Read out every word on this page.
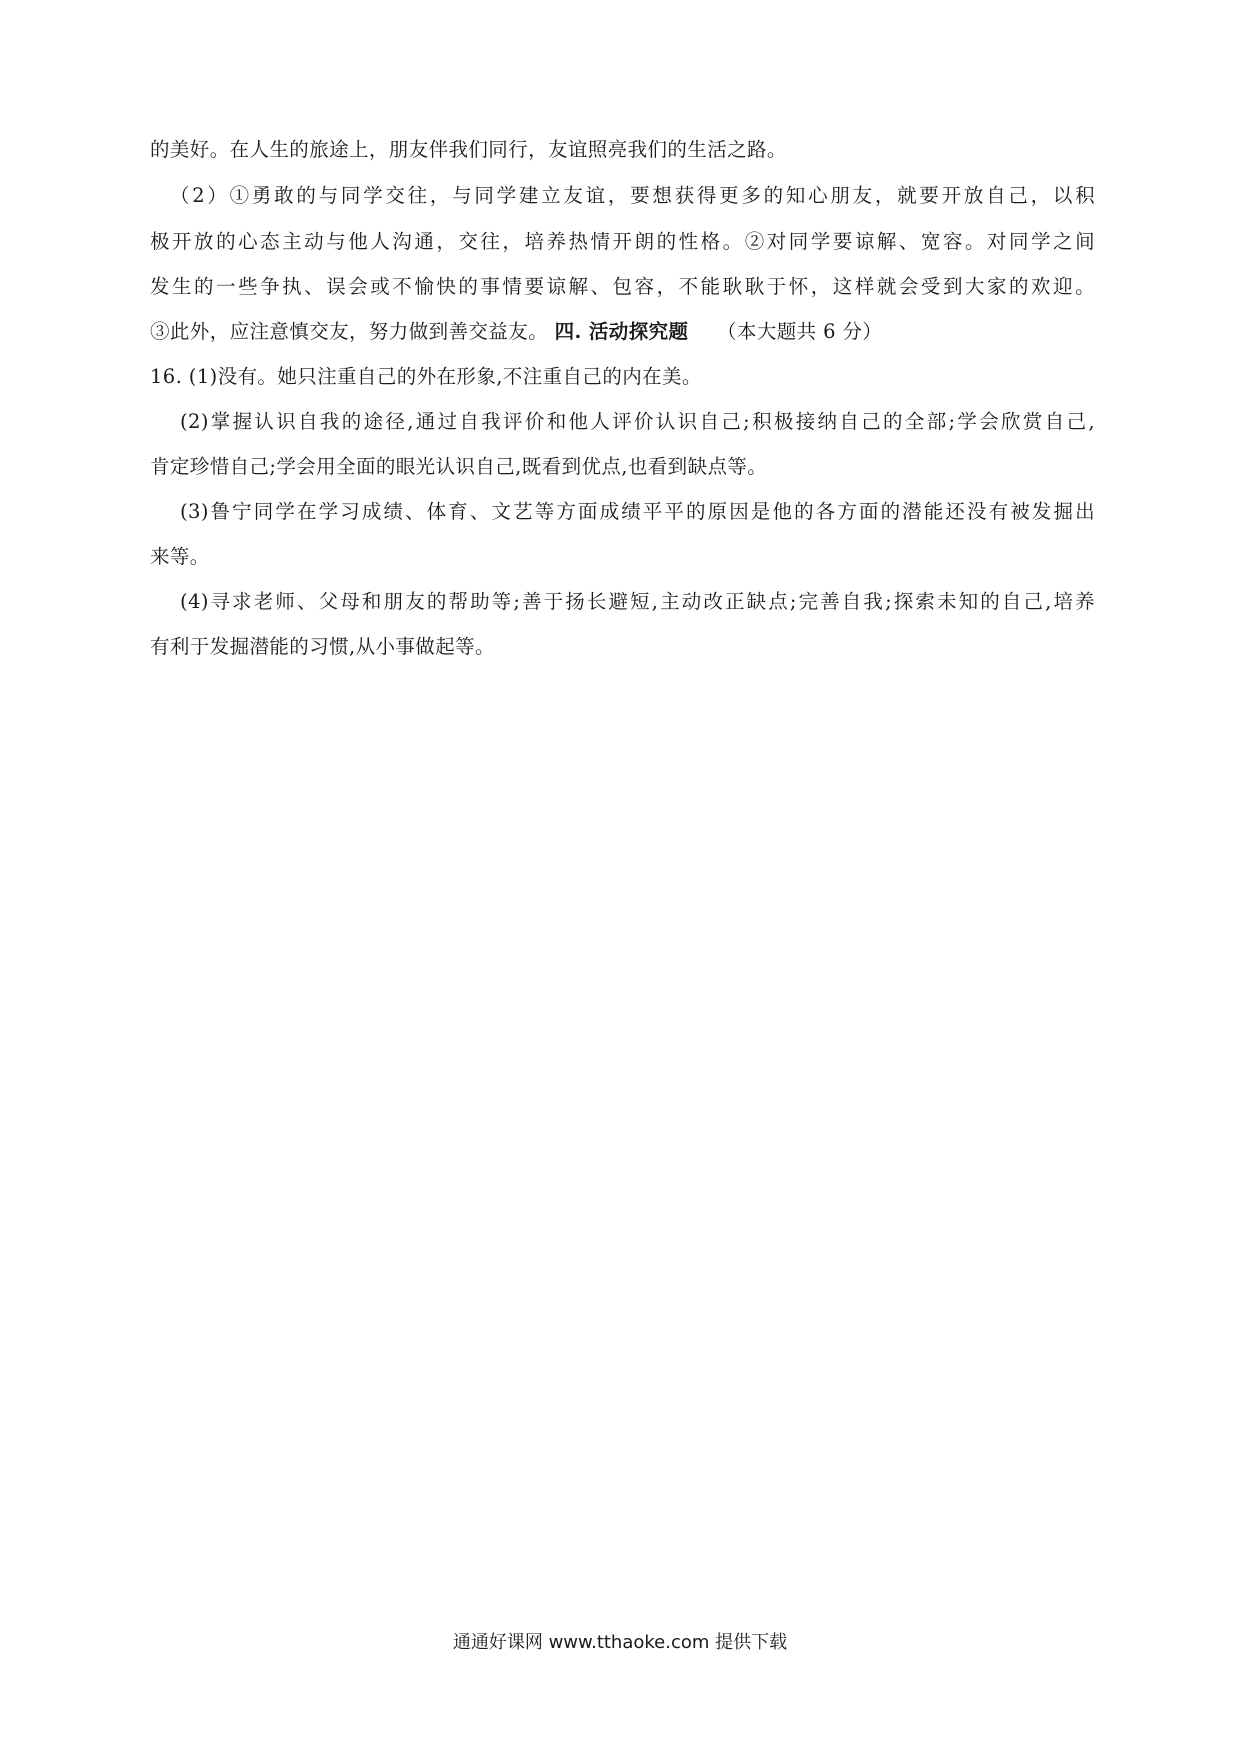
的美好。在人生的旅途上，朋友伴我们同行，友谊照亮我们的生活之路。
（2）①勇敢的与同学交往，与同学建立友谊，要想获得更多的知心朋友，就要开放自己，以积
极开放的心态主动与他人沟通，交往，培养热情开朗的性格。②对同学要谅解、宽容。对同学之间
发生的一些争执、误会或不愉快的事情要谅解、包容，不能耿耿于怀，这样就会受到大家的欢迎。
③此外，应注意慎交友，努力做到善交益友。 四. 活动探究题 （本大题共 6 分）
16. (1)没有。她只注重自己的外在形象,不注重自己的内在美。
(2)掌握认识自我的途径,通过自我评价和他人评价认识自己;积极接纳自己的全部;学会欣赏自己,
肯定珍惜自己;学会用全面的眼光认识自己,既看到优点,也看到缺点等。
(3)鲁宁同学在学习成绩、体育、文艺等方面成绩平平的原因是他的各方面的潜能还没有被发掘出
来等。
(4)寻求老师、父母和朋友的帮助等;善于扬长避短,主动改正缺点;完善自我;探索未知的自己,培养
有利于发掘潜能的习惯,从小事做起等。
通通好课网 www.tthaoke.com 提供下载
